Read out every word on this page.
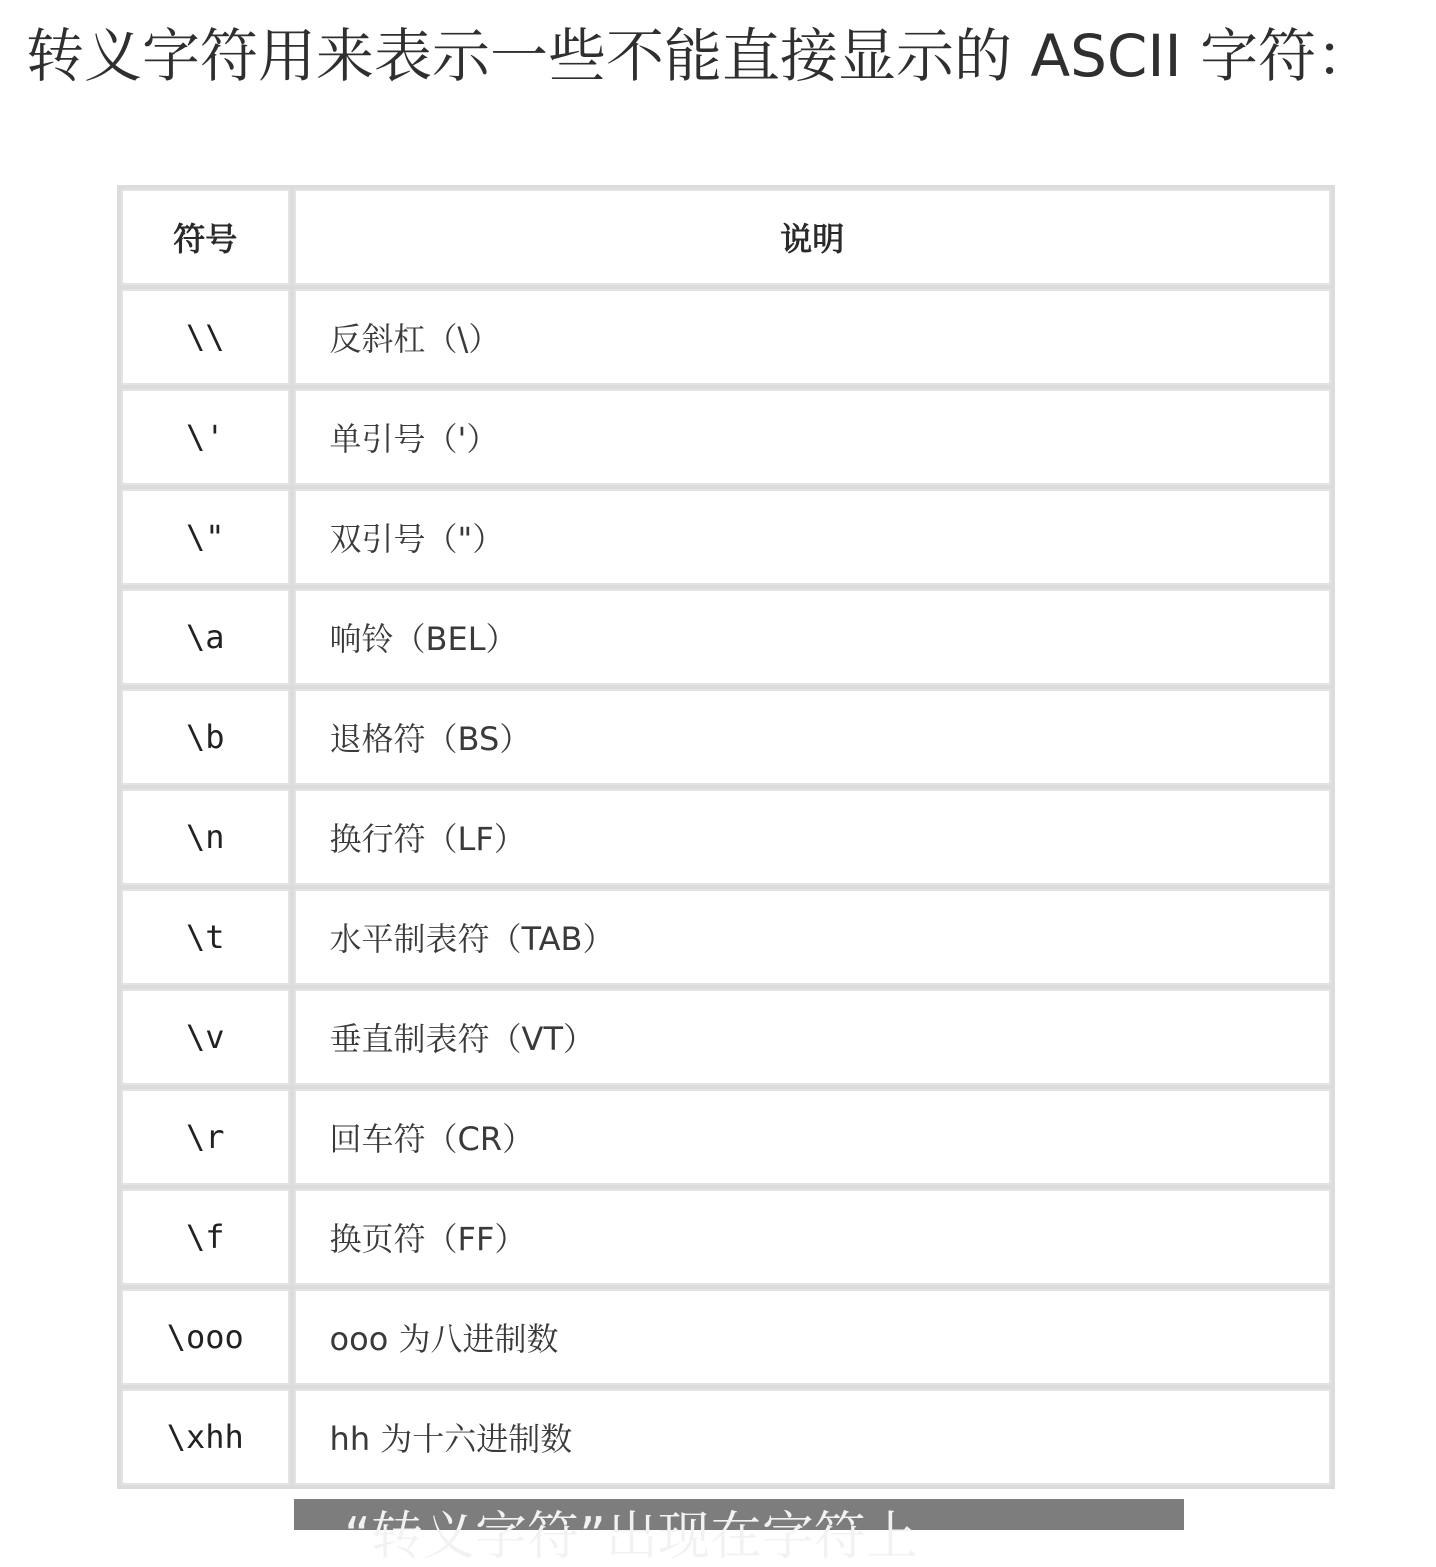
转义字符用来表示一些不能直接显示的 ASCII 字符：
符号	说明
\\	反斜杠（\）
\'	单引号（'）
\"	双引号（"）
\a	响铃（BEL）
\b	退格符（BS）
\n	换行符（LF）
\t	水平制表符（TAB）
\v	垂直制表符（VT）
\r	回车符（CR）
\f	换页符（FF）
\ooo	ooo 为八进制数
\xhh	hh 为十六进制数
“转义字符”出现在字符上
